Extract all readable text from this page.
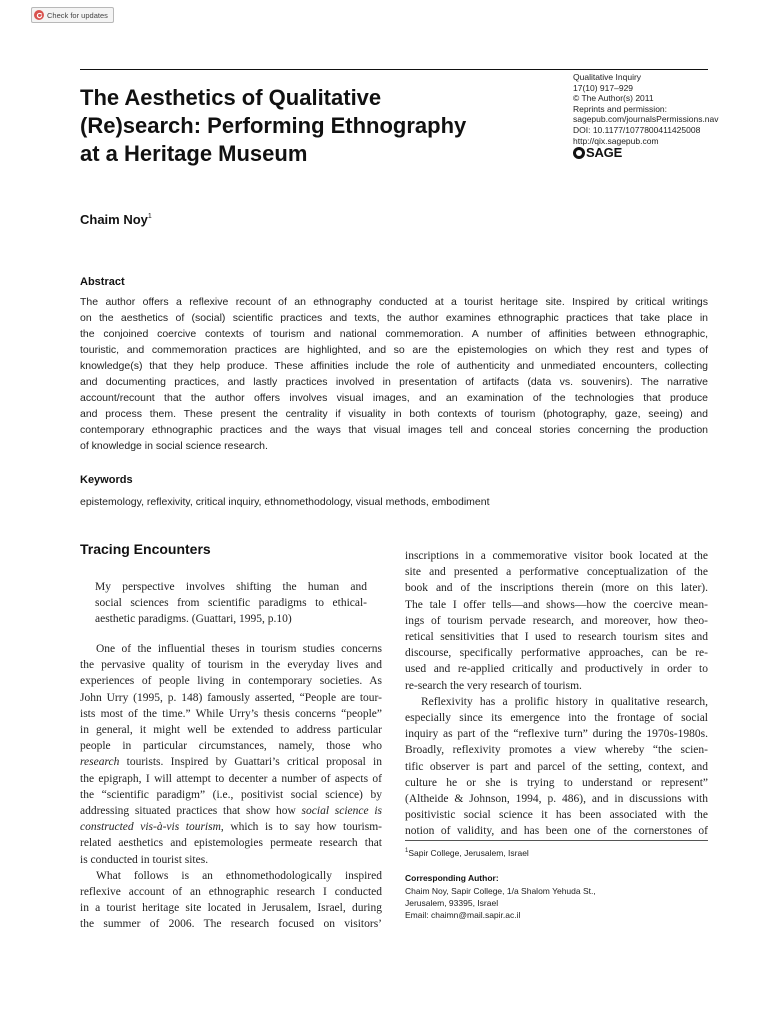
Check for updates
The Aesthetics of Qualitative
(Re)search: Performing Ethnography
at a Heritage Museum
Qualitative Inquiry
17(10) 917–929
© The Author(s) 2011
Reprints and permission:
sagepub.com/journalsPermissions.nav
DOI: 10.1177/1077800411425008
http://qix.sagepub.com
SAGE
Chaim Noy$^1$
Abstract
The author offers a reflexive recount of an ethnography conducted at a tourist heritage site. Inspired by critical writings
on the aesthetics of (social) scientific practices and texts, the author examines ethnographic practices that take place in
the conjoined coercive contexts of tourism and national commemoration. A number of affinities between ethnographic,
touristic, and commemoration practices are highlighted, and so are the epistemologies on which they rest and types of
knowledge(s) that they help produce. These affinities include the role of authenticity and unmediated encounters, collecting
and documenting practices, and lastly practices involved in presentation of artifacts (data vs. souvenirs). The narrative
account/recount that the author offers involves visual images, and an examination of the technologies that produce
and process them. These present the centrality if visuality in both contexts of tourism (photography, gaze, seeing) and
contemporary ethnographic practices and the ways that visual images tell and conceal stories concerning the production
of knowledge in social science research.
Keywords
epistemology, reflexivity, critical inquiry, ethnomethodology, visual methods, embodiment
Tracing Encounters
My perspective involves shifting the human and
social sciences from scientific paradigms to ethical-
aesthetic paradigms. (Guattari, 1995, p.10)
One of the influential theses in tourism studies concerns
the pervasive quality of tourism in the everyday lives and
experiences of people living in contemporary societies. As
John Urry (1995, p. 148) famously asserted, “People are tour-
ists most of the time.” While Urry’s thesis concerns “people”
in general, it might well be extended to address particular
people in particular circumstances, namely, those who
research tourists. Inspired by Guattari’s critical proposal in
the epigraph, I will attempt to decenter a number of aspects of
the “scientific paradigm” (i.e., positivist social science) by
addressing situated practices that show how social science is
constructed vis-à-vis tourism, which is to say how tourism-
related aesthetics and epistemologies permeate research that
is conducted in tourist sites.
What follows is an ethnomethodologically inspired
reflexive account of an ethnographic research I conducted
in a tourist heritage site located in Jerusalem, Israel, during
the summer of 2006. The research focused on visitors’
inscriptions in a commemorative visitor book located at the
site and presented a performative conceptualization of the
book and of the inscriptions therein (more on this later).
The tale I offer tells—and shows—how the coercive mean-
ings of tourism pervade research, and moreover, how theo-
retical sensitivities that I used to research tourism sites and
discourse, specifically performative approaches, can be re-
used and re-applied critically and productively in order to
re-search the very research of tourism.
Reflexivity has a prolific history in qualitative research,
especially since its emergence into the frontage of social
inquiry as part of the “reflexive turn” during the 1970s-1980s.
Broadly, reflexivity promotes a view whereby “the scien-
tific observer is part and parcel of the setting, context, and
culture he or she is trying to understand or represent”
(Altheide & Johnson, 1994, p. 486), and in discussions with
positivistic social science it has been associated with the
notion of validity, and has been one of the cornerstones of
$^1$Sapir College, Jerusalem, Israel
Corresponding Author:
Chaim Noy, Sapir College, 1/a Shalom Yehuda St.,
Jerusalem, 93395, Israel
Email: chaimn@mail.sapir.ac.il
